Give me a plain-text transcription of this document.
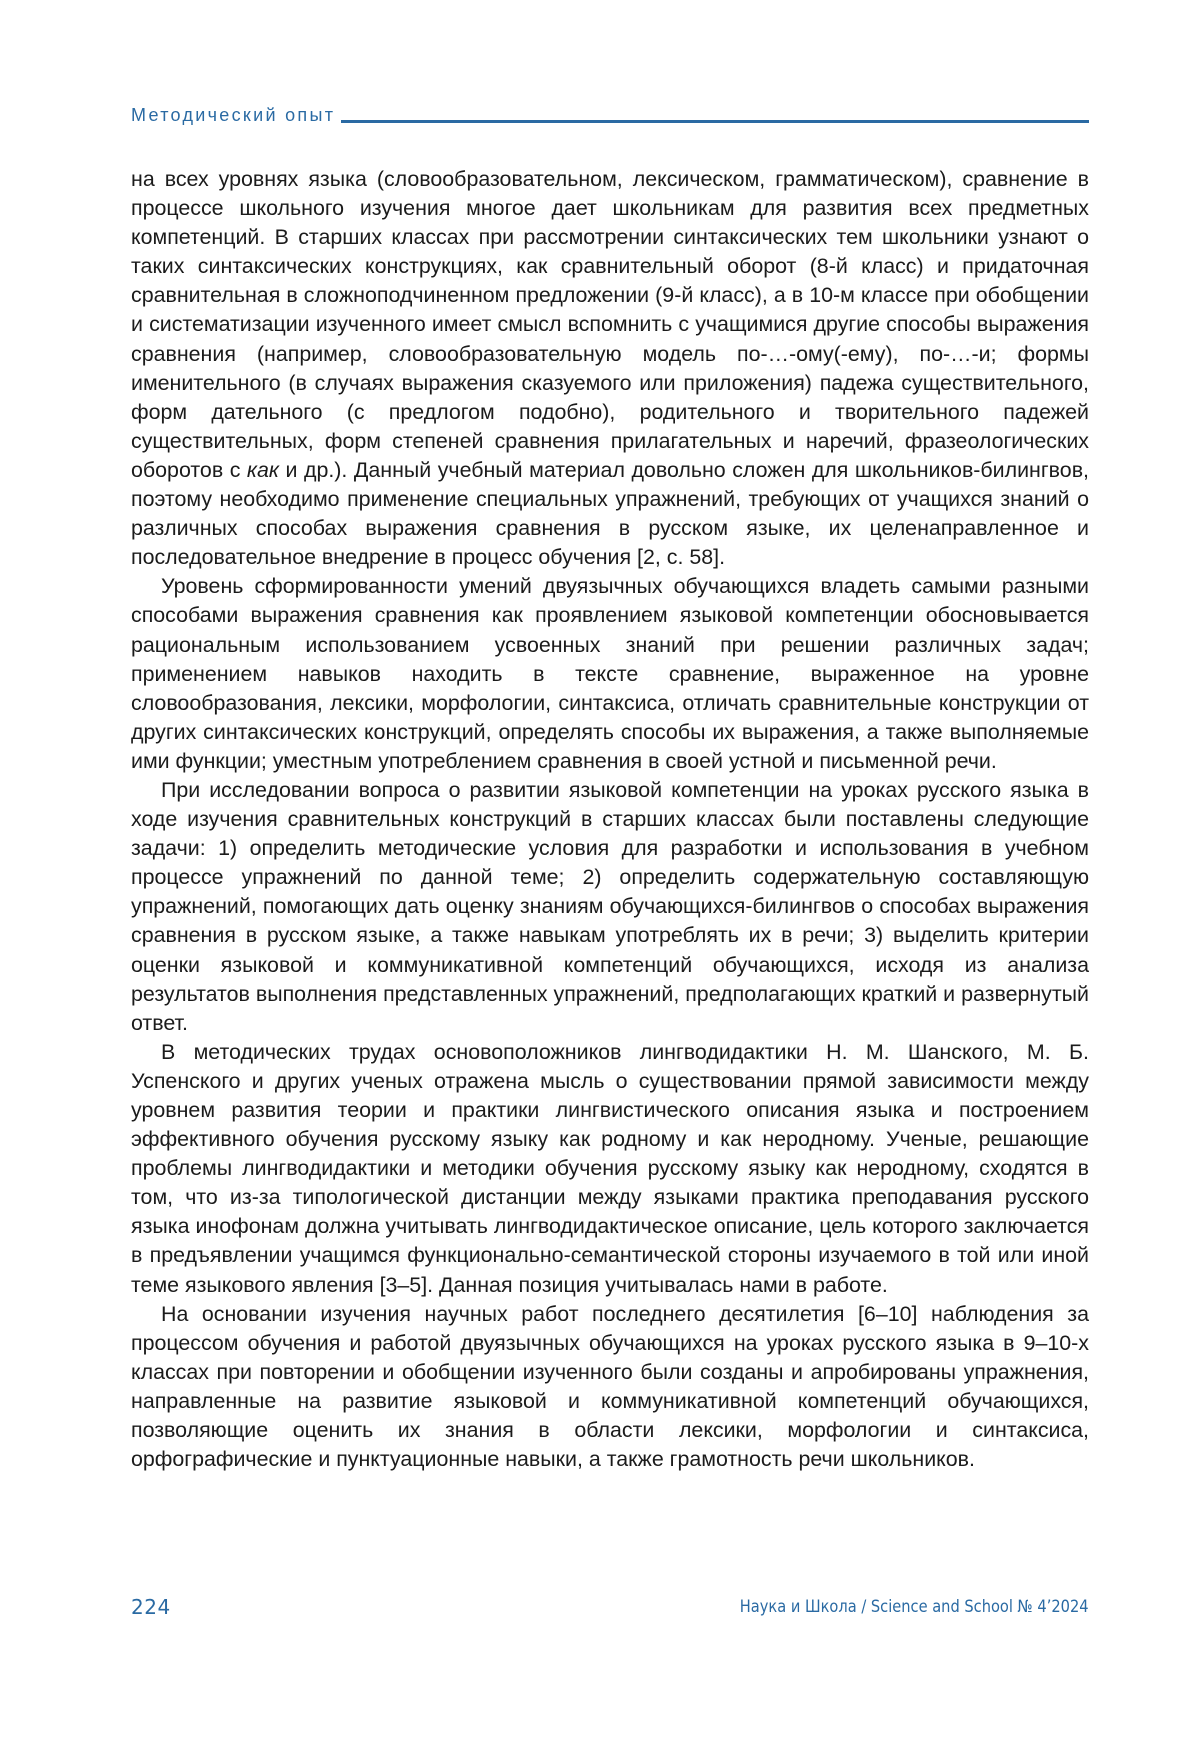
Методический опыт

на всех уровнях языка (словообразовательном, лексическом, грамматическом), сравнение в процессе школьного изучения многое дает школьникам для развития всех предметных компетенций. В старших классах при рассмотрении синтаксических тем школьники узнают о таких синтаксических конструкциях, как сравнительный оборот (8-й класс) и придаточная сравнительная в сложноподчиненном предложении (9-й класс), а в 10-м классе при обобщении и систематизации изученного имеет смысл вспомнить с учащимися другие способы выражения сравнения (например, словообразовательную модель по-…-ому(-ему), по-…-и; формы именительного (в случаях выражения сказуемого или приложения) падежа существительного, форм дательного (с предлогом подобно), родительного и творительного падежей существительных, форм степеней сравнения прилагательных и наречий, фразеологических оборотов с как и др.). Данный учебный материал довольно сложен для школьников-билингвов, поэтому необходимо применение специальных упражнений, требующих от учащихся знаний о различных способах выражения сравнения в русском языке, их целенаправленное и последовательное внедрение в процесс обучения [2, с. 58].

Уровень сформированности умений двуязычных обучающихся владеть самыми разными способами выражения сравнения как проявлением языковой компетенции обосновывается рациональным использованием усвоенных знаний при решении различных задач; применением навыков находить в тексте сравнение, выраженное на уровне словообразования, лексики, морфологии, синтаксиса, отличать сравнительные конструкции от других синтаксических конструкций, определять способы их выражения, а также выполняемые ими функции; уместным употреблением сравнения в своей устной и письменной речи.

При исследовании вопроса о развитии языковой компетенции на уроках русского языка в ходе изучения сравнительных конструкций в старших классах были поставлены следующие задачи: 1) определить методические условия для разработки и использования в учебном процессе упражнений по данной теме; 2) определить содержательную составляющую упражнений, помогающих дать оценку знаниям обучающихся-билингвов о способах выражения сравнения в русском языке, а также навыкам употреблять их в речи; 3) выделить критерии оценки языковой и коммуникативной компетенций обучающихся, исходя из анализа результатов выполнения представленных упражнений, предполагающих краткий и развернутый ответ.

В методических трудах основоположников лингводидактики Н. М. Шанского, М. Б. Успенского и других ученых отражена мысль о существовании прямой зависимости между уровнем развития теории и практики лингвистического описания языка и построением эффективного обучения русскому языку как родному и как неродному. Ученые, решающие проблемы лингводидактики и методики обучения русскому языку как неродному, сходятся в том, что из-за типологической дистанции между языками практика преподавания русского языка инофонам должна учитывать лингводидактическое описание, цель которого заключается в предъявлении учащимся функционально-семантической стороны изучаемого в той или иной теме языкового явления [3–5]. Данная позиция учитывалась нами в работе.

На основании изучения научных работ последнего десятилетия [6–10] наблюдения за процессом обучения и работой двуязычных обучающихся на уроках русского языка в 9–10-х классах при повторении и обобщении изученного были созданы и апробированы упражнения, направленные на развитие языковой и коммуникативной компетенций обучающихся, позволяющие оценить их знания в области лексики, морфологии и синтаксиса, орфографические и пунктуационные навыки, а также грамотность речи школьников.

224	Наука и Школа / Science and School № 4’2024
